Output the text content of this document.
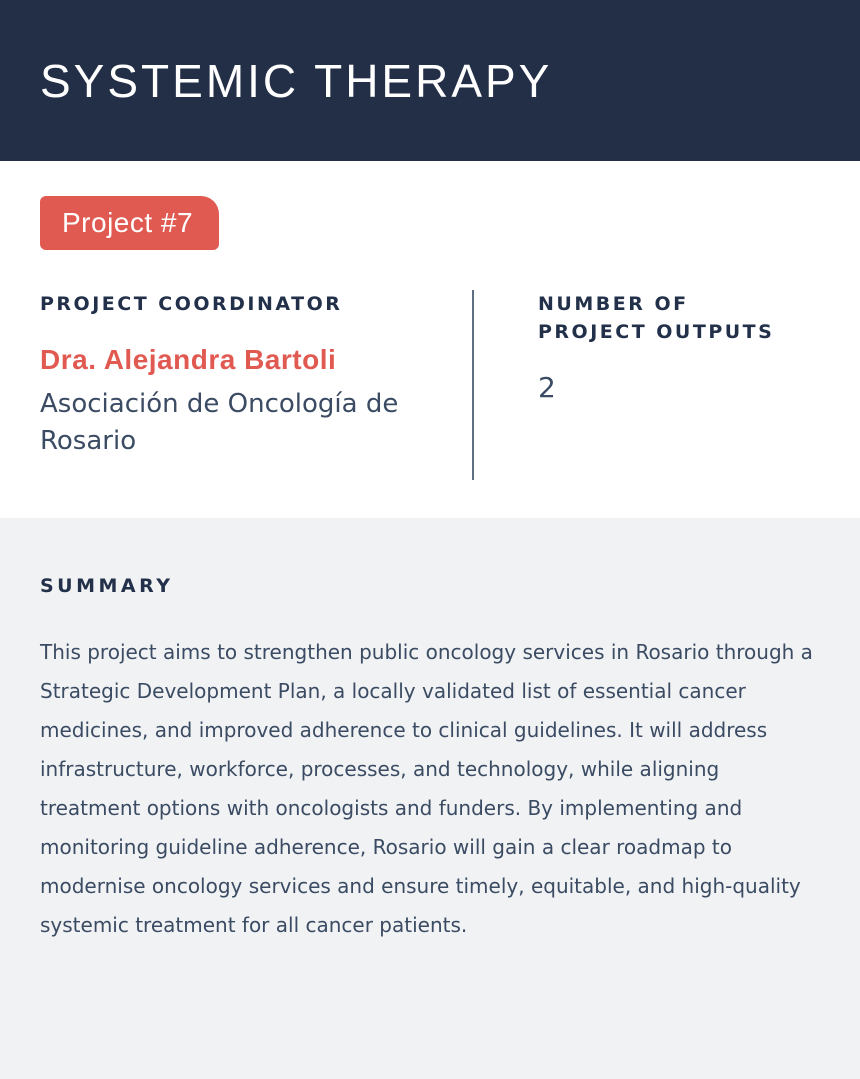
SYSTEMIC THERAPY
Project #7
PROJECT COORDINATOR
Dra. Alejandra Bartoli
Asociación de Oncología de Rosario
NUMBER OF PROJECT OUTPUTS
2
SUMMARY

This project aims to strengthen public oncology services in Rosario through a Strategic Development Plan, a locally validated list of essential cancer medicines, and improved adherence to clinical guidelines. It will address infrastructure, workforce, processes, and technology, while aligning treatment options with oncologists and funders. By implementing and monitoring guideline adherence, Rosario will gain a clear roadmap to modernise oncology services and ensure timely, equitable, and high-quality systemic treatment for all cancer patients.
